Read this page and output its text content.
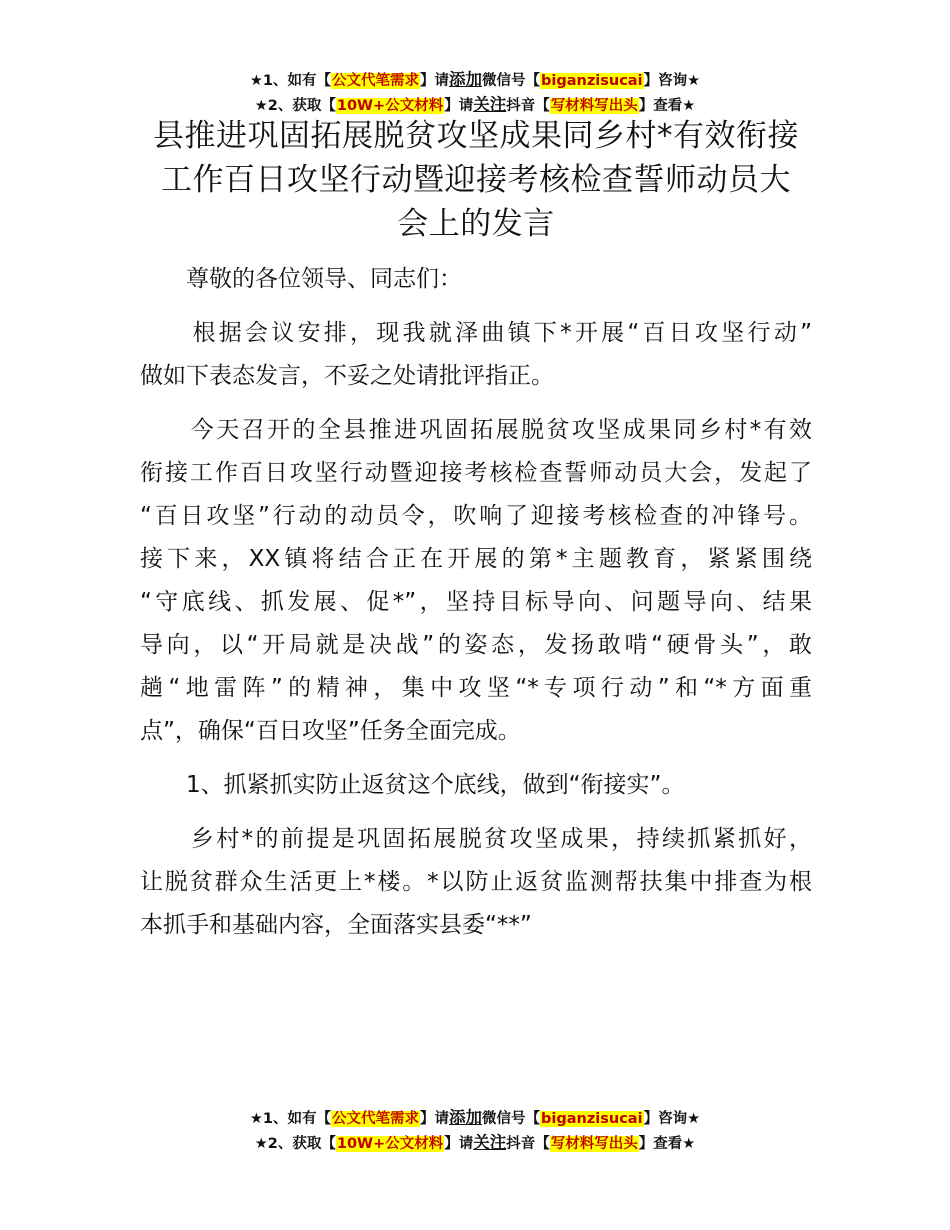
★1、如有【公文代笔需求】请添加微信号【biganzisucai】咨询★
★2、获取【10W+公文材料】请关注抖音【写材料写出头】查看★
县推进巩固拓展脱贫攻坚成果同乡村*有效衔接
工作百日攻坚行动暨迎接考核检查誓师动员大
会上的发言
　　尊敬的各位领导、同志们：
　　根据会议安排，现我就泽曲镇下*开展“百日攻坚行动”
做如下表态发言，不妥之处请批评指正。
　　今天召开的全县推进巩固拓展脱贫攻坚成果同乡村*有效
衔接工作百日攻坚行动暨迎接考核检查誓师动员大会，发起了
“百日攻坚”行动的动员令，吹响了迎接考核检查的冲锋号。
接下来，XX镇将结合正在开展的第*主题教育，紧紧围绕
“守底线、抓发展、促*”，坚持目标导向、问题导向、结果
导向，以“开局就是决战”的姿态，发扬敢啃“硬骨头”，敢
趟“地雷阵”的精神，集中攻坚“*专项行动”和“*方面重
点”，确保“百日攻坚”任务全面完成。
　　1、抓紧抓实防止返贫这个底线，做到“衔接实”。
　　乡村*的前提是巩固拓展脱贫攻坚成果，持续抓紧抓好，
让脱贫群众生活更上*楼。*以防止返贫监测帮扶集中排查为根
本抓手和基础内容，全面落实县委“**”
★1、如有【公文代笔需求】请添加微信号【biganzisucai】咨询★
★2、获取【10W+公文材料】请关注抖音【写材料写出头】查看★
